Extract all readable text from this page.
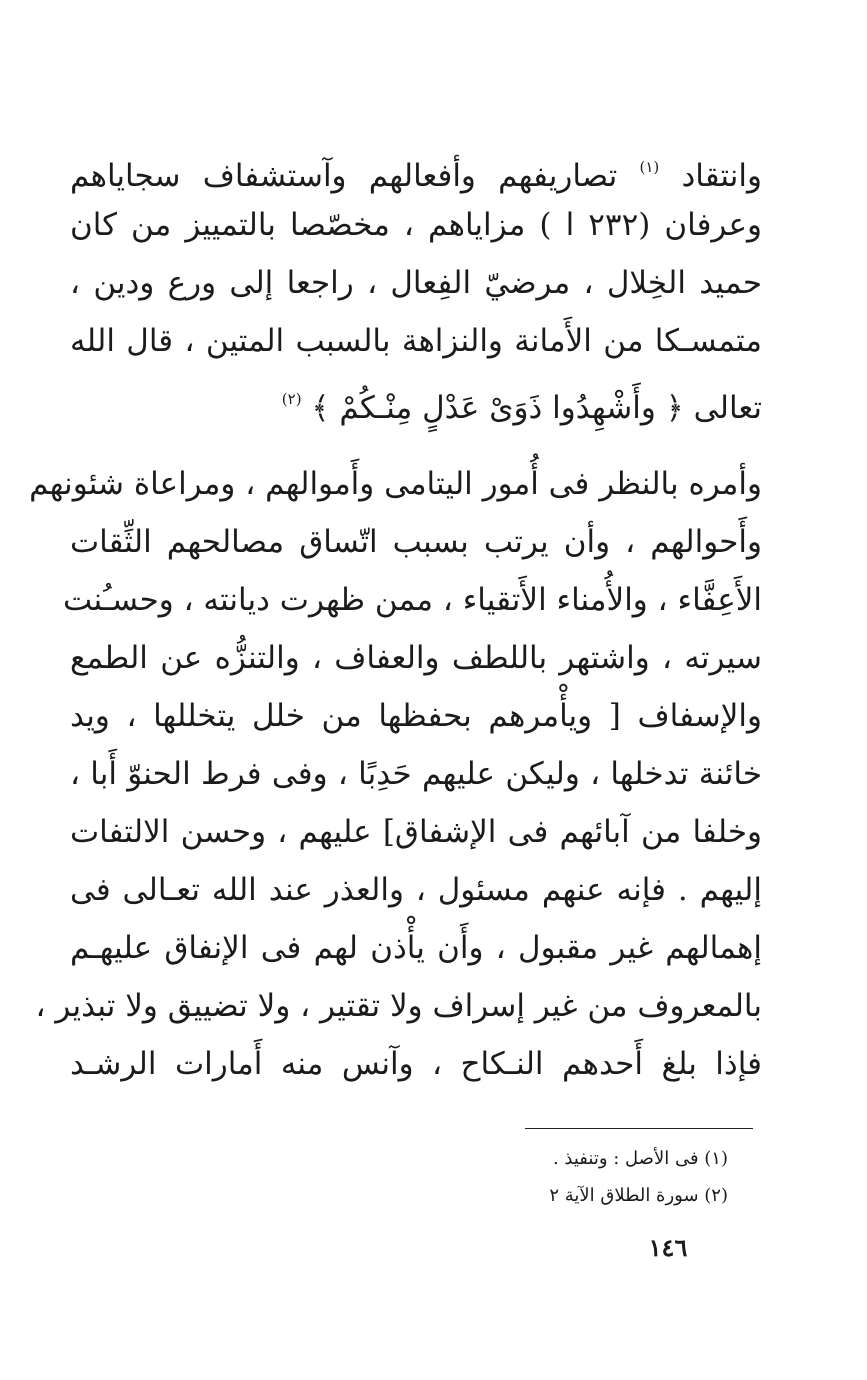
وانتقاد $^{(١)}$ تصاريفهم وأفعالهم وآستشفاف سجاياهم
وعرفان (٢٣٢ ا ) مزاياهم ، مخصّصا بالتمييز من كان
حميد الخِلال ، مرضيّ الفِعال ، راجعا إلى ورع ودين ،
متمسـكا من الأَمانة والنزاهة بالسبب المتين ، قال الله
تعالى ﴿ وأَشْهِدُوا ذَوَىْ عَدْلٍ مِنْـكُمْ ﴾ $^{(٢)}$
وأمره بالنظر فى أُمور اليتامى وأَموالهم ، ومراعاة شئونهم
وأَحوالهم ، وأن يرتب بسبب اتّساق مصالحهم الثِّقات
الأَعِفَّاء ، والأُمناء الأَتقياء ، ممن ظهرت ديانته ، وحسـُنت
سيرته ، واشتهر باللطف والعفاف ، والتنزُّه عن الطمع
والإسفاف [ ويأْمرهم بحفظها من خلل يتخللها ، ويد
خائنة تدخلها ، وليكن عليهم حَدِبًا ، وفى فرط الحنوّ أَبا ،
وخلفا من آبائهم فى الإشفاق] عليهم ، وحسن الالتفات
إليهم . فإنه عنهم مسئول ، والعذر عند الله تعـالى فى
إهمالهم غير مقبول ، وأَن يأْذن لهم فى الإنفاق عليهـم
بالمعروف من غير إسراف ولا تقتير ، ولا تضييق ولا تبذير ،
فإذا بلغ أَحدهم النـكاح ، وآنس منه أَمارات الرشـد
(١) فى الأصل : وتنفيذ .
(٢) سورة الطلاق الآية ٢
١٤٦
